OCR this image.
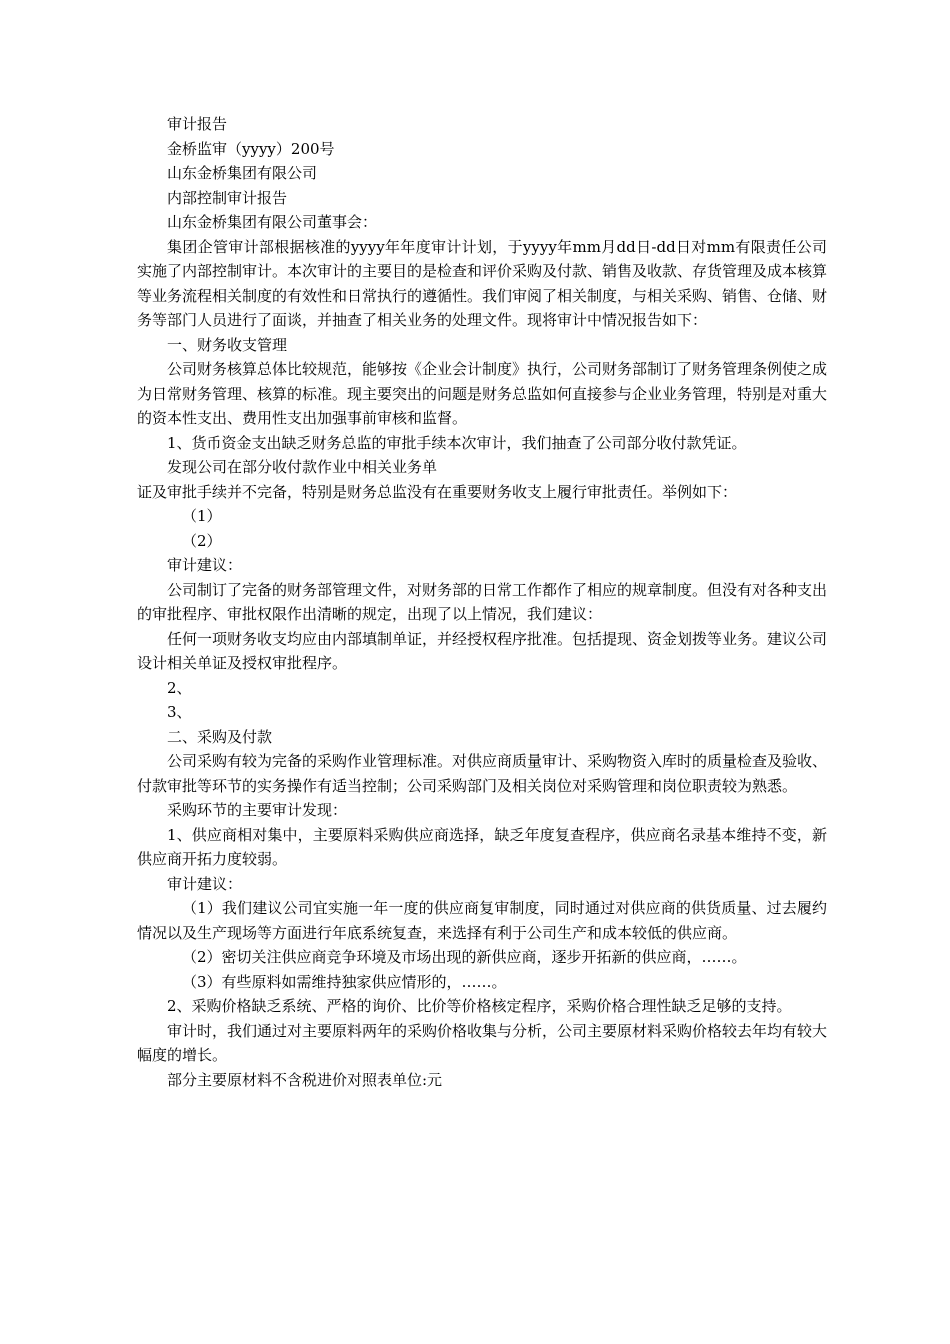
审计报告

金桥监审（yyyy）200号

山东金桥集团有限公司

内部控制审计报告

山东金桥集团有限公司董事会：

集团企管审计部根据核准的yyyy年年度审计计划，于yyyy年mm月dd日-dd日对mm有限责任公司实施了内部控制审计。本次审计的主要目的是检查和评价采购及付款、销售及收款、存货管理及成本核算等业务流程相关制度的有效性和日常执行的遵循性。我们审阅了相关制度，与相关采购、销售、仓储、财务等部门人员进行了面谈，并抽查了相关业务的处理文件。现将审计中情况报告如下：

一、财务收支管理

公司财务核算总体比较规范，能够按《企业会计制度》执行，公司财务部制订了财务管理条例使之成为日常财务管理、核算的标准。现主要突出的问题是财务总监如何直接参与企业业务管理，特别是对重大的资本性支出、费用性支出加强事前审核和监督。

1、货币资金支出缺乏财务总监的审批手续本次审计，我们抽查了公司部分收付款凭证。

发现公司在部分收付款作业中相关业务单

证及审批手续并不完备，特别是财务总监没有在重要财务收支上履行审批责任。举例如下：

（1）

（2）

审计建议：

公司制订了完备的财务部管理文件，对财务部的日常工作都作了相应的规章制度。但没有对各种支出的审批程序、审批权限作出清晰的规定，出现了以上情况，我们建议：

任何一项财务收支均应由内部填制单证，并经授权程序批准。包括提现、资金划拨等业务。建议公司设计相关单证及授权审批程序。

2、

3、

二、采购及付款

公司采购有较为完备的采购作业管理标准。对供应商质量审计、采购物资入库时的质量检查及验收、付款审批等环节的实务操作有适当控制；公司采购部门及相关岗位对采购管理和岗位职责较为熟悉。

采购环节的主要审计发现：

1、供应商相对集中，主要原料采购供应商选择，缺乏年度复查程序，供应商名录基本维持不变，新供应商开拓力度较弱。

审计建议：

（1）我们建议公司宜实施一年一度的供应商复审制度，同时通过对供应商的供货质量、过去履约情况以及生产现场等方面进行年底系统复查，来选择有利于公司生产和成本较低的供应商。

（2）密切关注供应商竞争环境及市场出现的新供应商，逐步开拓新的供应商，……。

（3）有些原料如需维持独家供应情形的，……。

2、采购价格缺乏系统、严格的询价、比价等价格核定程序，采购价格合理性缺乏足够的支持。

审计时，我们通过对主要原料两年的采购价格收集与分析，公司主要原材料采购价格较去年均有较大幅度的增长。

部分主要原材料不含税进价对照表单位:元
